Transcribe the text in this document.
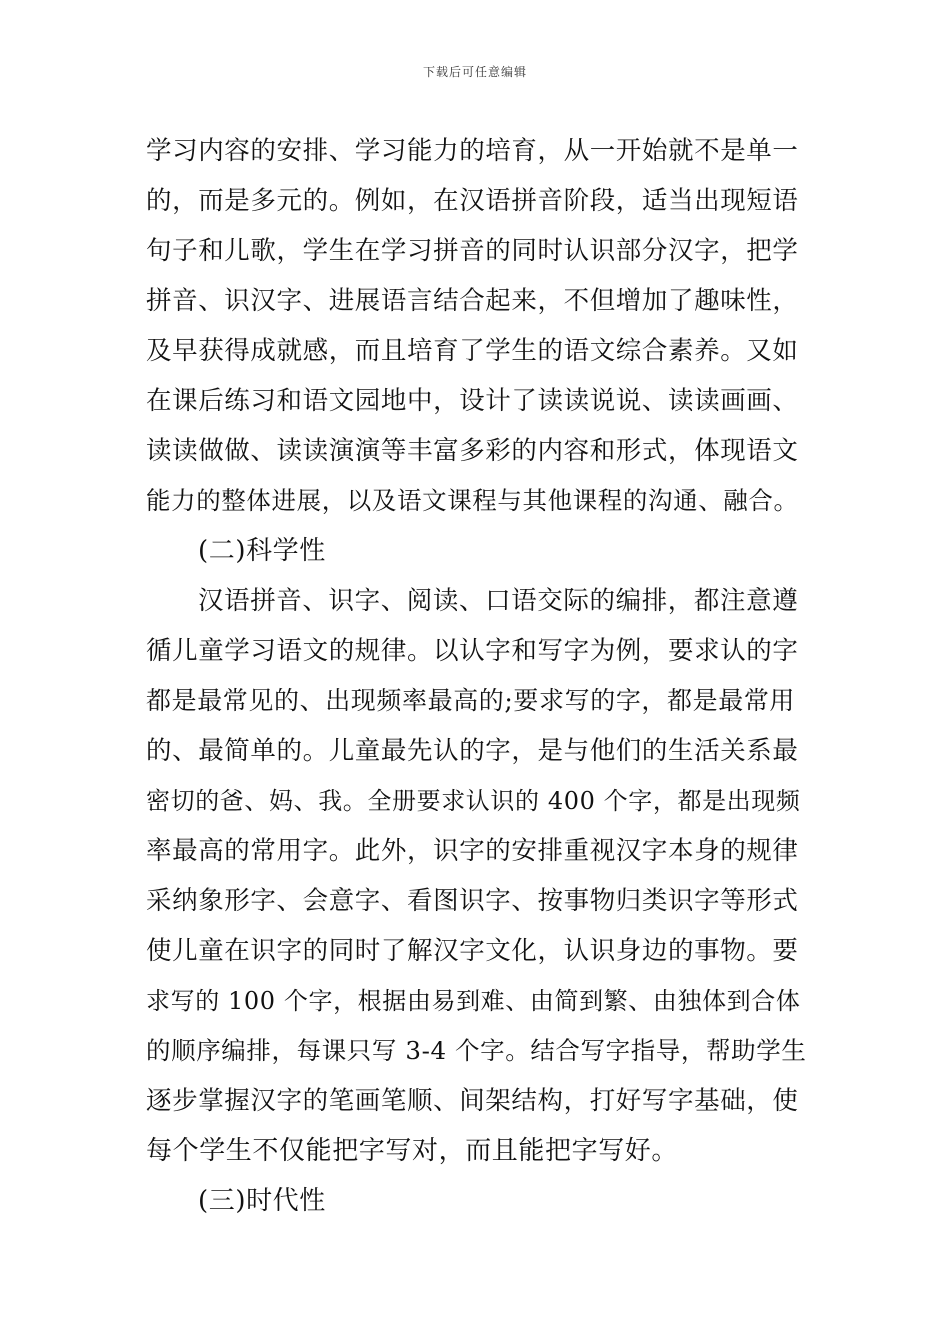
下载后可任意编辑
学习内容的安排、学习能力的培育，从一开始就不是单一
的，而是多元的。例如，在汉语拼音阶段，适当出现短语
句子和儿歌，学生在学习拼音的同时认识部分汉字，把学
拼音、识汉字、进展语言结合起来，不但增加了趣味性，
及早获得成就感，而且培育了学生的语文综合素养。又如
在课后练习和语文园地中，设计了读读说说、读读画画、
读读做做、读读演演等丰富多彩的内容和形式，体现语文
能力的整体进展，以及语文课程与其他课程的沟通、融合。
(二)科学性
汉语拼音、识字、阅读、口语交际的编排，都注意遵
循儿童学习语文的规律。以认字和写字为例，要求认的字
都是最常见的、出现频率最高的;要求写的字，都是最常用
的、最简单的。儿童最先认的字，是与他们的生活关系最
密切的爸、妈、我。全册要求认识的 400 个字，都是出现频
率最高的常用字。此外，识字的安排重视汉字本身的规律
采纳象形字、会意字、看图识字、按事物归类识字等形式
使儿童在识字的同时了解汉字文化，认识身边的事物。要
求写的 100 个字，根据由易到难、由简到繁、由独体到合体
的顺序编排，每课只写 3-4 个字。结合写字指导，帮助学生
逐步掌握汉字的笔画笔顺、间架结构，打好写字基础，使
每个学生不仅能把字写对，而且能把字写好。
(三)时代性
